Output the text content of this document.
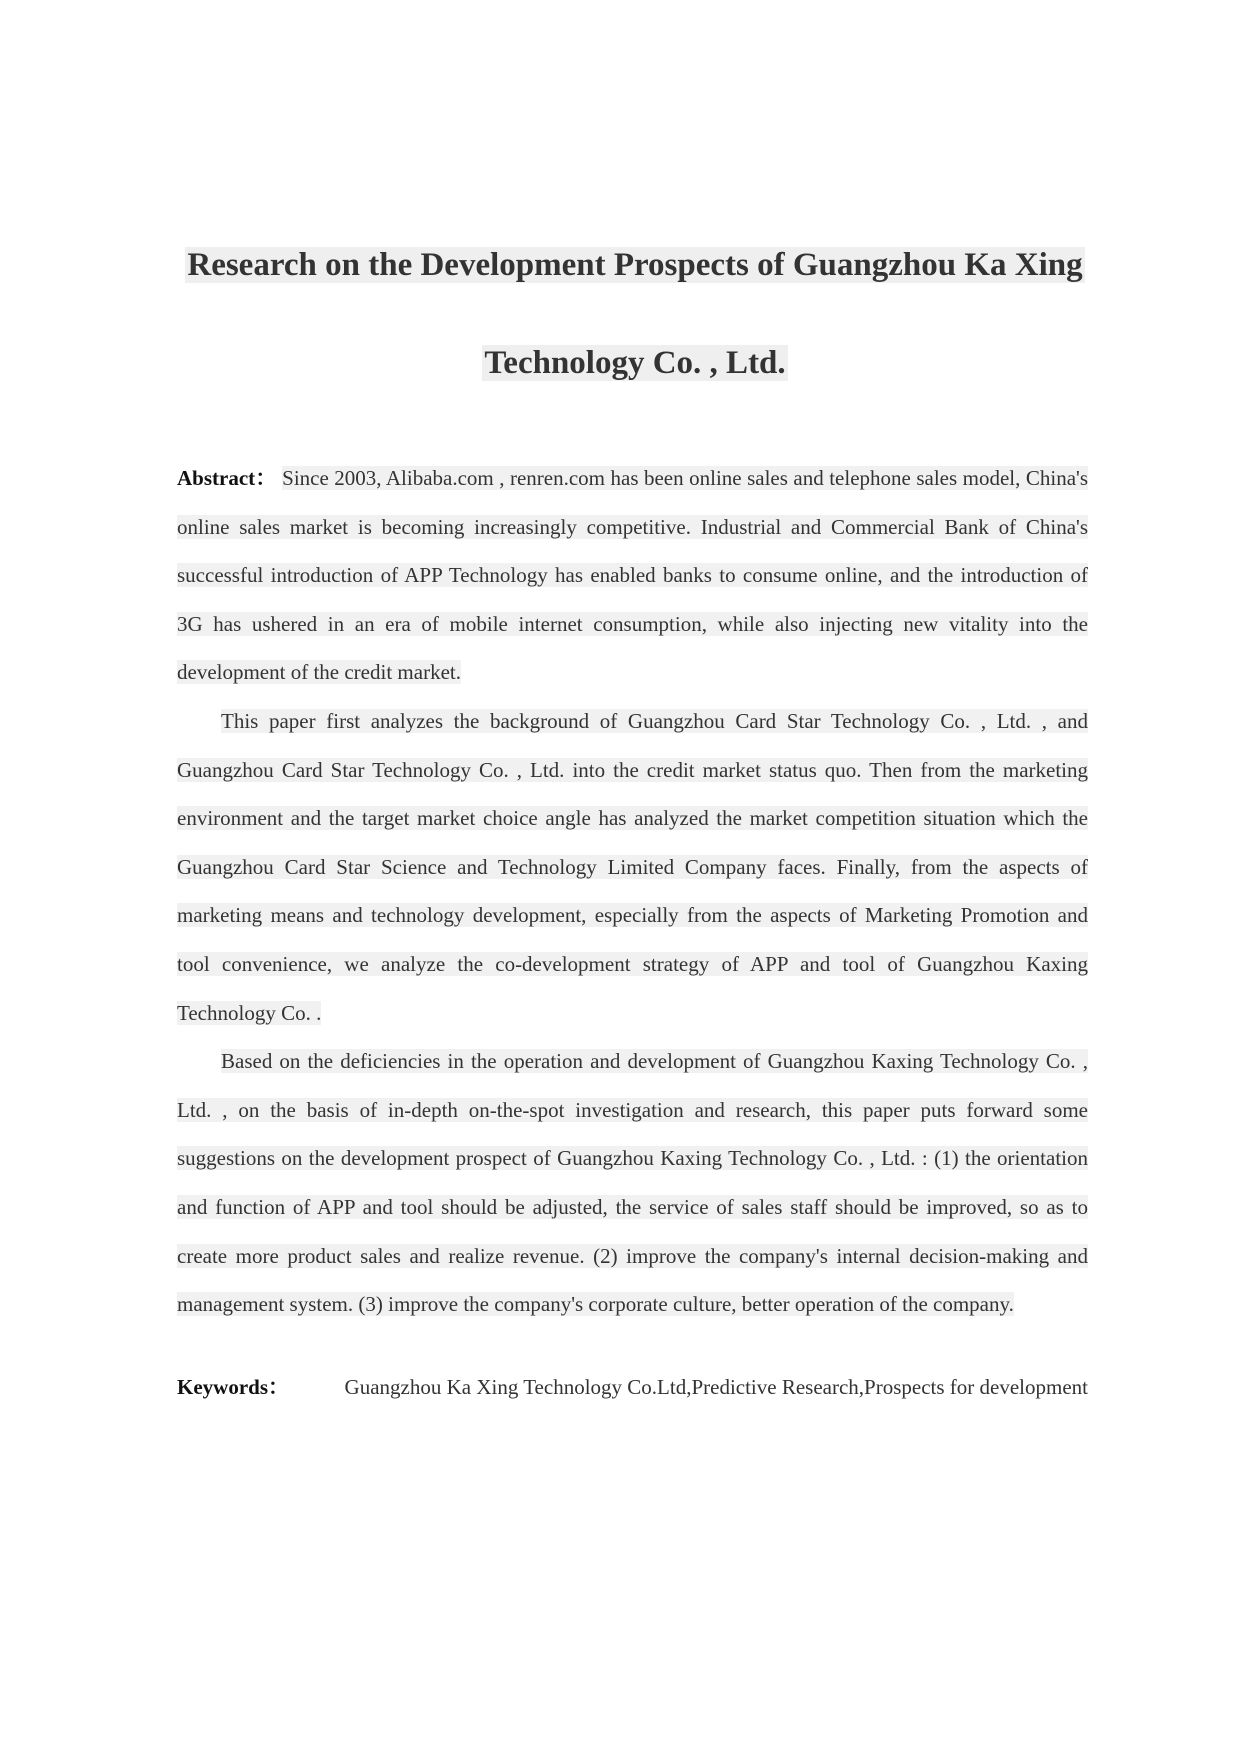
Research on the Development Prospects of Guangzhou Ka Xing
Technology Co. , Ltd.

Abstract： Since 2003, Alibaba.com , renren.com has been online sales and telephone sales model, China's online sales market is becoming increasingly competitive. Industrial and Commercial Bank of China's successful introduction of APP Technology has enabled banks to consume online, and the introduction of 3G has ushered in an era of mobile internet consumption, while also injecting new vitality into the development of the credit market.

This paper first analyzes the background of Guangzhou Card Star Technology Co. , Ltd. , and Guangzhou Card Star Technology Co. , Ltd. into the credit market status quo. Then from the marketing environment and the target market choice angle has analyzed the market competition situation which the Guangzhou Card Star Science and Technology Limited Company faces. Finally, from the aspects of marketing means and technology development, especially from the aspects of Marketing Promotion and tool convenience, we analyze the co-development strategy of APP and tool of Guangzhou Kaxing Technology Co. .

Based on the deficiencies in the operation and development of Guangzhou Kaxing Technology Co. , Ltd. , on the basis of in-depth on-the-spot investigation and research, this paper puts forward some suggestions on the development prospect of Guangzhou Kaxing Technology Co. , Ltd. : (1) the orientation and function of APP and tool should be adjusted, the service of sales staff should be improved, so as to create more product sales and realize revenue. (2) improve the company's internal decision-making and management system. (3) improve the company's corporate culture, better operation of the company.

Keywords：	Guangzhou Ka Xing Technology Co.Ltd,Predictive Research,Prospects for development
